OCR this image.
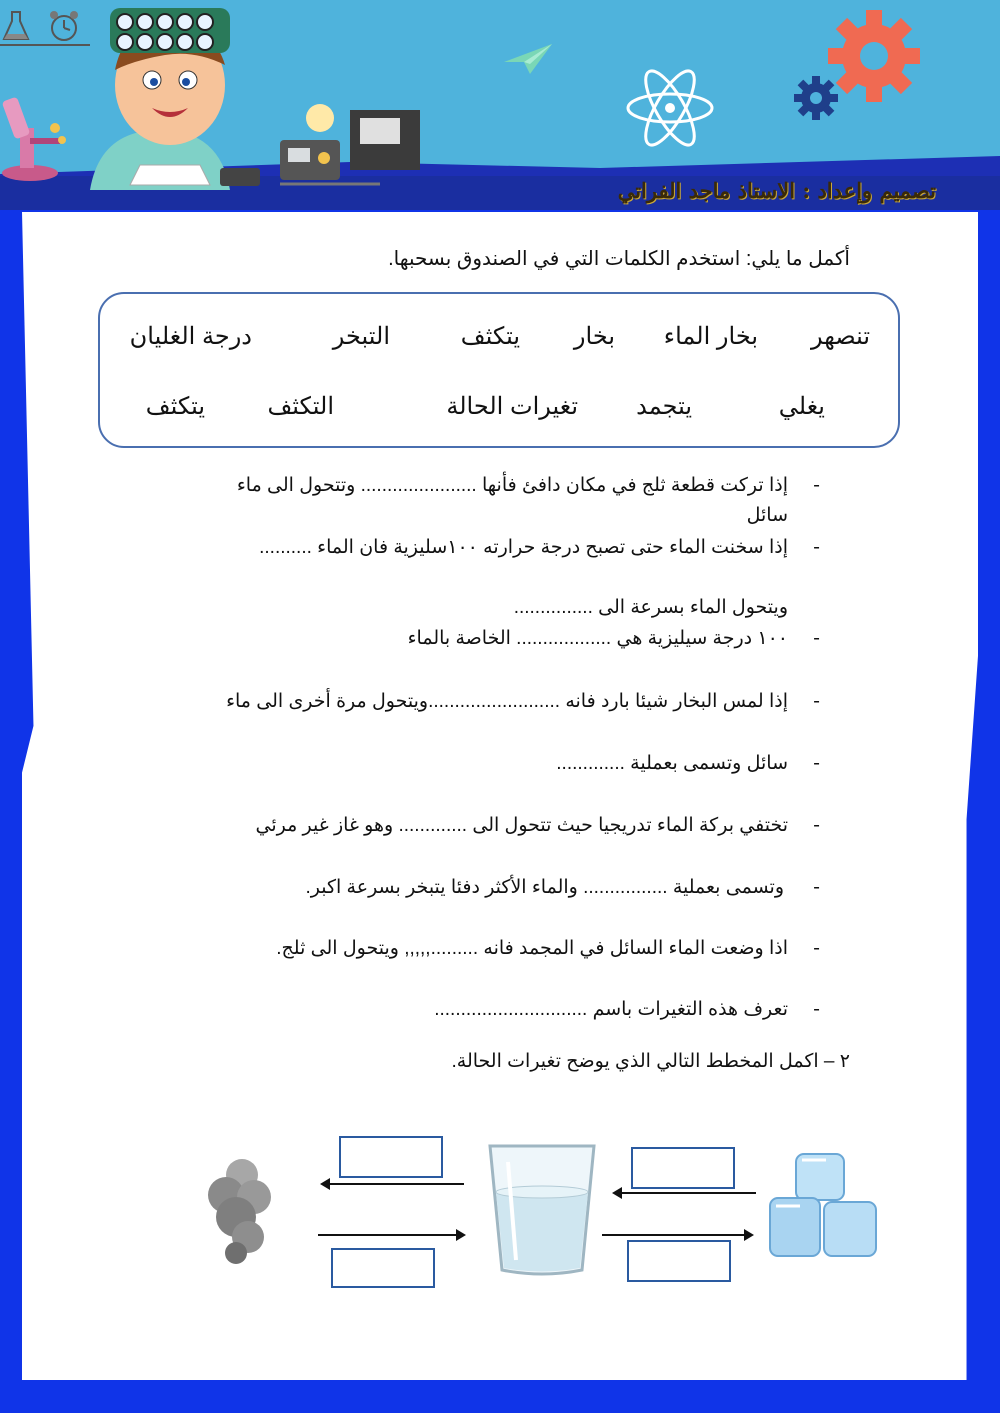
تصميم وإعداد : الاستاذ ماجد الفراتي
أكمل ما يلي: استخدم الكلمات التي في الصندوق بسحبها.
تنصهر
بخار الماء
بخار
يتكثف
التبخر
درجة الغليان
يغلي
يتجمد
تغيرات الحالة
التكثف
يتكثف
-
إذا تركت قطعة ثلج في مكان دافئ فأنها ...................... وتتحول الى ماء
سائل
-
إذا سخنت الماء حتى تصبح درجة حرارته ١٠٠سليزية فان الماء ..........
ويتحول الماء بسرعة الى ...............
-
١٠٠ درجة سيليزية هي .................. الخاصة بالماء
-
إذا لمس البخار شيئا بارد فانه .........................ويتحول مرة أخرى الى ماء
-
سائل وتسمى بعملية .............
-
تختفي بركة الماء تدريجيا حيث تتحول الى ............. وهو غاز غير مرئي
-
وتسمى بعملية ................ والماء الأكثر دفئا يتبخر بسرعة اكبر.
-
اذا وضعت الماء السائل في المجمد فانه .........,,,,, ويتحول الى ثلج.
-
تعرف هذه التغيرات باسم .............................
٢ – اكمل المخطط التالي الذي يوضح تغيرات الحالة.
